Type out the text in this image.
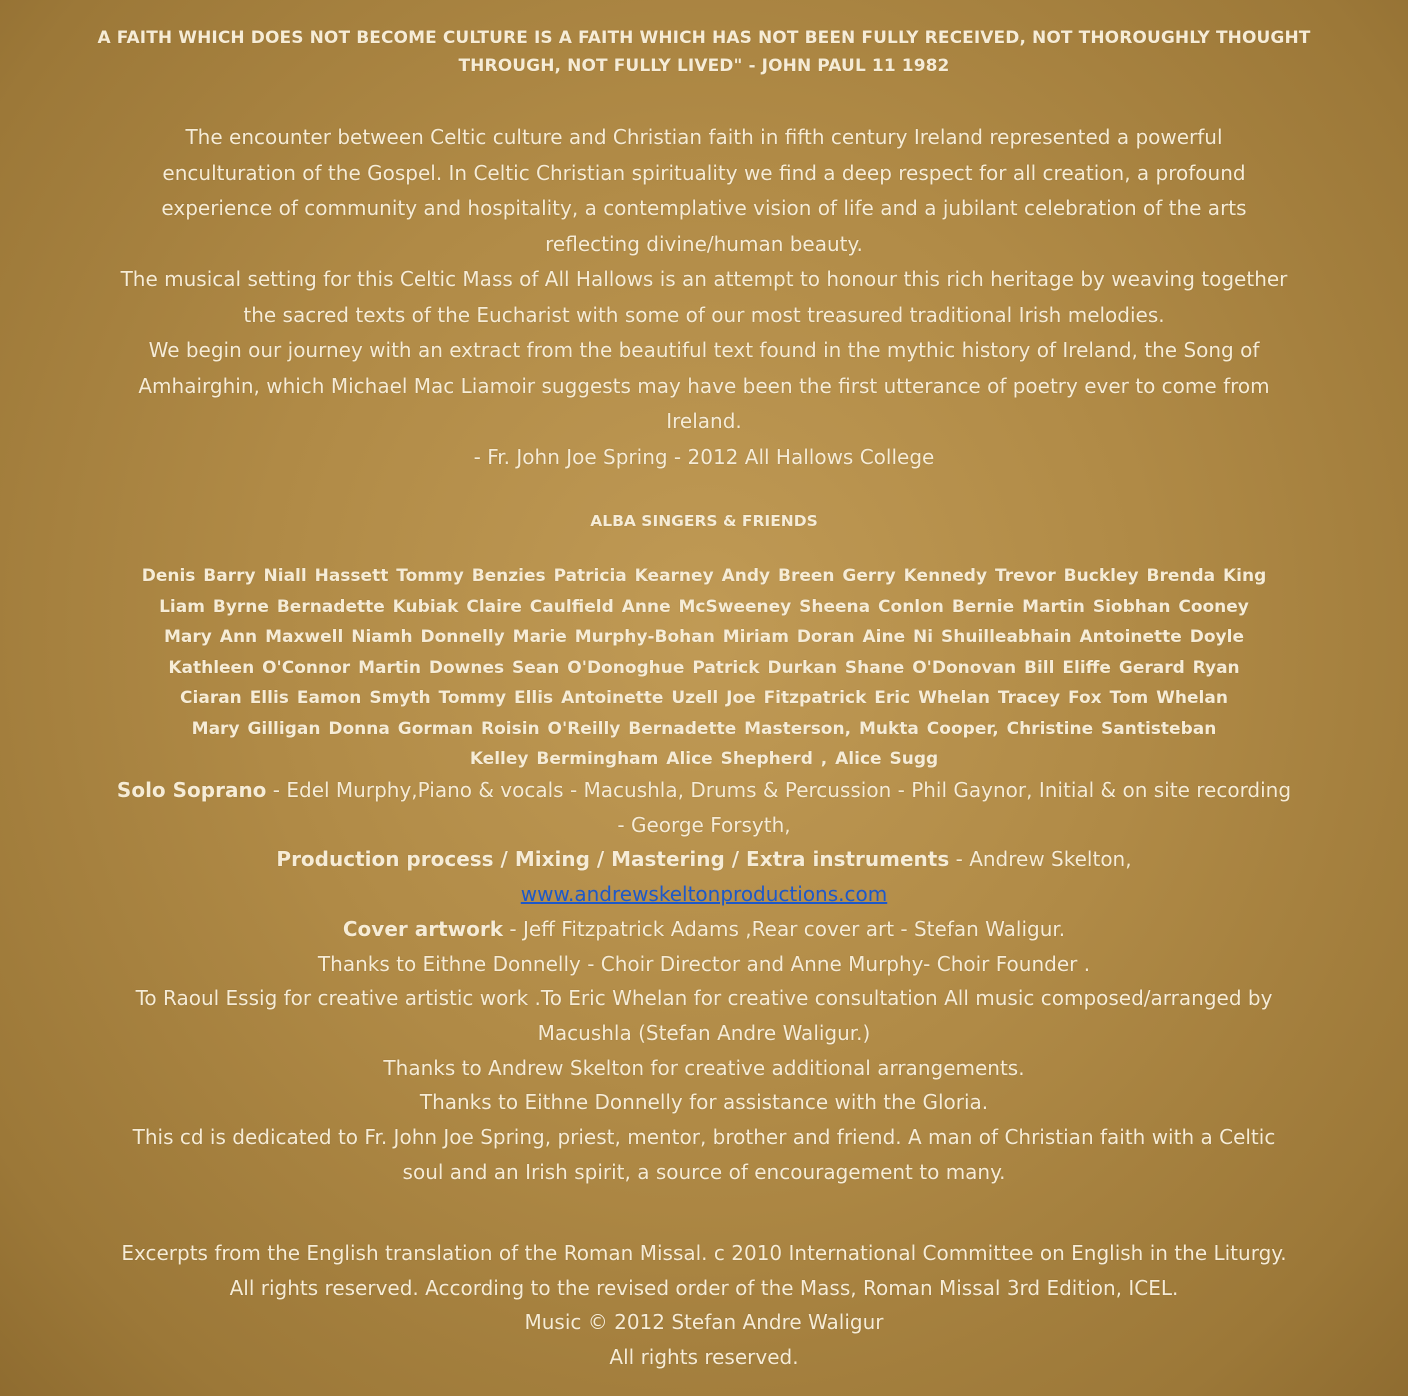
A FAITH WHICH DOES NOT BECOME CULTURE IS A FAITH WHICH HAS NOT BEEN FULLY RECEIVED, NOT THOROUGHLY THOUGHT
THROUGH, NOT FULLY LIVED" - JOHN PAUL 11 1982
The encounter between Celtic culture and Christian faith in fifth century Ireland represented a powerful
enculturation of the Gospel. In Celtic Christian spirituality we find a deep respect for all creation, a profound
experience of community and hospitality, a contemplative vision of life and a jubilant celebration of the arts
reflecting divine/human beauty.
The musical setting for this Celtic Mass of All Hallows is an attempt to honour this rich heritage by weaving together
the sacred texts of the Eucharist with some of our most treasured traditional Irish melodies.
We begin our journey with an extract from the beautiful text found in the mythic history of Ireland, the Song of
Amhairghin, which Michael Mac Liamoir suggests may have been the first utterance of poetry ever to come from
Ireland.
- Fr. John Joe Spring - 2012 All Hallows College
ALBA SINGERS & FRIENDS
Denis Barry Niall Hassett Tommy Benzies Patricia Kearney Andy Breen Gerry Kennedy Trevor Buckley Brenda King
Liam Byrne Bernadette Kubiak Claire Caulfield Anne McSweeney Sheena Conlon Bernie Martin Siobhan Cooney
Mary Ann Maxwell Niamh Donnelly Marie Murphy-Bohan Miriam Doran Aine Ni Shuilleabhain Antoinette Doyle
Kathleen O'Connor Martin Downes Sean O'Donoghue Patrick Durkan Shane O'Donovan Bill Eliffe Gerard Ryan
Ciaran Ellis Eamon Smyth Tommy Ellis Antoinette Uzell Joe Fitzpatrick Eric Whelan Tracey Fox Tom Whelan
Mary Gilligan Donna Gorman Roisin O'Reilly Bernadette Masterson, Mukta Cooper, Christine Santisteban
Kelley Bermingham Alice Shepherd , Alice Sugg
Solo Soprano - Edel Murphy,Piano & vocals - Macushla, Drums & Percussion - Phil Gaynor, Initial & on site recording
- George Forsyth,
Production process / Mixing / Mastering / Extra instruments - Andrew Skelton,
www.andrewskeltonproductions.com
Cover artwork - Jeff Fitzpatrick Adams ,Rear cover art - Stefan Waligur.
Thanks to Eithne Donnelly - Choir Director and Anne Murphy- Choir Founder .
To Raoul Essig for creative artistic work .To Eric Whelan for creative consultation All music composed/arranged by
Macushla (Stefan Andre Waligur.)
Thanks to Andrew Skelton for creative additional arrangements.
Thanks to Eithne Donnelly for assistance with the Gloria.
This cd is dedicated to Fr. John Joe Spring, priest, mentor, brother and friend. A man of Christian faith with a Celtic
soul and an Irish spirit, a source of encouragement to many.
Excerpts from the English translation of the Roman Missal. c 2010 International Committee on English in the Liturgy.
All rights reserved. According to the revised order of the Mass, Roman Missal 3rd Edition, ICEL.
Music © 2012 Stefan Andre Waligur
All rights reserved.
